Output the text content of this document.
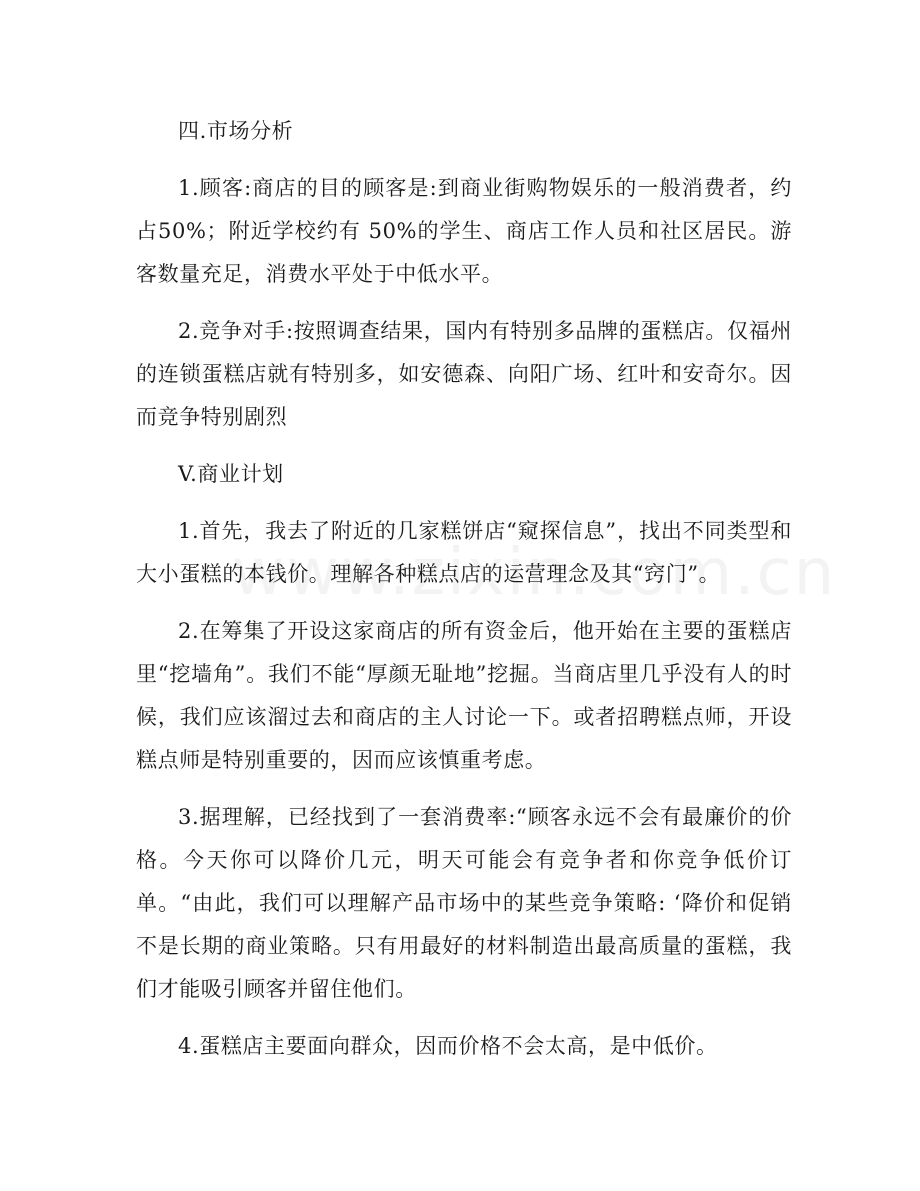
四.市场分析

1.顾客:商店的目的顾客是:到商业街购物娱乐的一般消费者，约占50%；附近学校约有 50%的学生、商店工作人员和社区居民。游客数量充足，消费水平处于中低水平。

2.竞争对手:按照调查结果，国内有特别多品牌的蛋糕店。仅福州的连锁蛋糕店就有特别多，如安德森、向阳广场、红叶和安奇尔。因而竞争特别剧烈

V.商业计划

1.首先，我去了附近的几家糕饼店“窥探信息”，找出不同类型和大小蛋糕的本钱价。理解各种糕点店的运营理念及其“窍门”。

2.在筹集了开设这家商店的所有资金后，他开始在主要的蛋糕店里“挖墙角”。我们不能“厚颜无耻地”挖掘。当商店里几乎没有人的时候，我们应该溜过去和商店的主人讨论一下。或者招聘糕点师，开设糕点师是特别重要的，因而应该慎重考虑。

3.据理解，已经找到了一套消费率:“顾客永远不会有最廉价的价格。今天你可以降价几元，明天可能会有竞争者和你竞争低价订单。“由此，我们可以理解产品市场中的某些竞争策略: ‘降价和促销不是长期的商业策略。只有用最好的材料制造出最高质量的蛋糕，我们才能吸引顾客并留住他们。

4.蛋糕店主要面向群众，因而价格不会太高，是中低价。
